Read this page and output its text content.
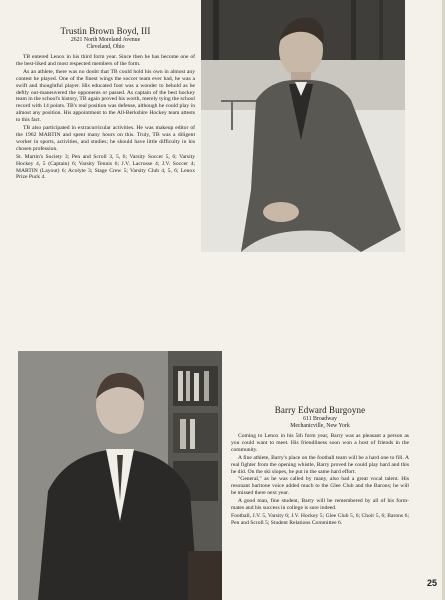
Trustin Brown Boyd, III

2621 North Moreland Avenue

Cleveland, Ohio

TB entered Lenox in his third form year. Since then he has become one of the best-liked and most respected members of the form.

As an athlete, there was no doubt that TB could hold his own in almost any contest he played. One of the finest wings the soccer team ever had, he was a swift and thoughtful player. His educated foot was a wonder to behold as he deftly out-maneuvered the opponents or passed. As captain of the best hockey team in the school's history, TB again proved his worth, merely tying the school record with 14 points. TB's real position was defense, although he could play in almost any position. His appointment to the All-Berkshire Hockey team attests to this fact.

TB also participated in extracurricular activities. He was makeup editor of the 1962 MARTIN and spent many hours on this. Truly, TB was a diligent worker in sports, activities, and studies; he should have little difficulty in his chosen profession.

St. Martin's Society 3; Pen and Scroll 3, 5, 6; Varsity Soccer 5, 6; Varsity Hockey 4, 5 (Captain) 6; Varsity Tennis 6; J.V. Lacrosse 4; J.V. Soccer 4; MARTIN (Layout) 6; Acolyte 3; Stage Crew 5; Varsity Club 4, 5, 6; Lenox Prize Puck 4.

Barry Edward Burgoyne

611 Broadway

Mechanicville, New York

Coming to Lenox in his 5th form year, Barry was as pleasant a person as you could want to meet. His friendliness soon won a host of friends in the community.

A fine athlete, Barry's place on the football team will be a hard one to fill. A real fighter from the opening whistle, Barry proved he could play hard and this he did. On the ski slopes, he put in the same hard effort.

"General," as he was called by many, also had a great vocal talent. His resonant baritone voice added much to the Glee Club and the Barons; he will be missed there next year.

A good man, fine student, Barry will be remembered by all of his form-mates and his success in college is sure indeed.

Football, J.V. 5, Varsity 6; J.V. Hockey 5; Glee Club 5, 6; Choir 5, 6; Barons 6; Pen and Scroll 5; Student Relations Committee 6.

25
